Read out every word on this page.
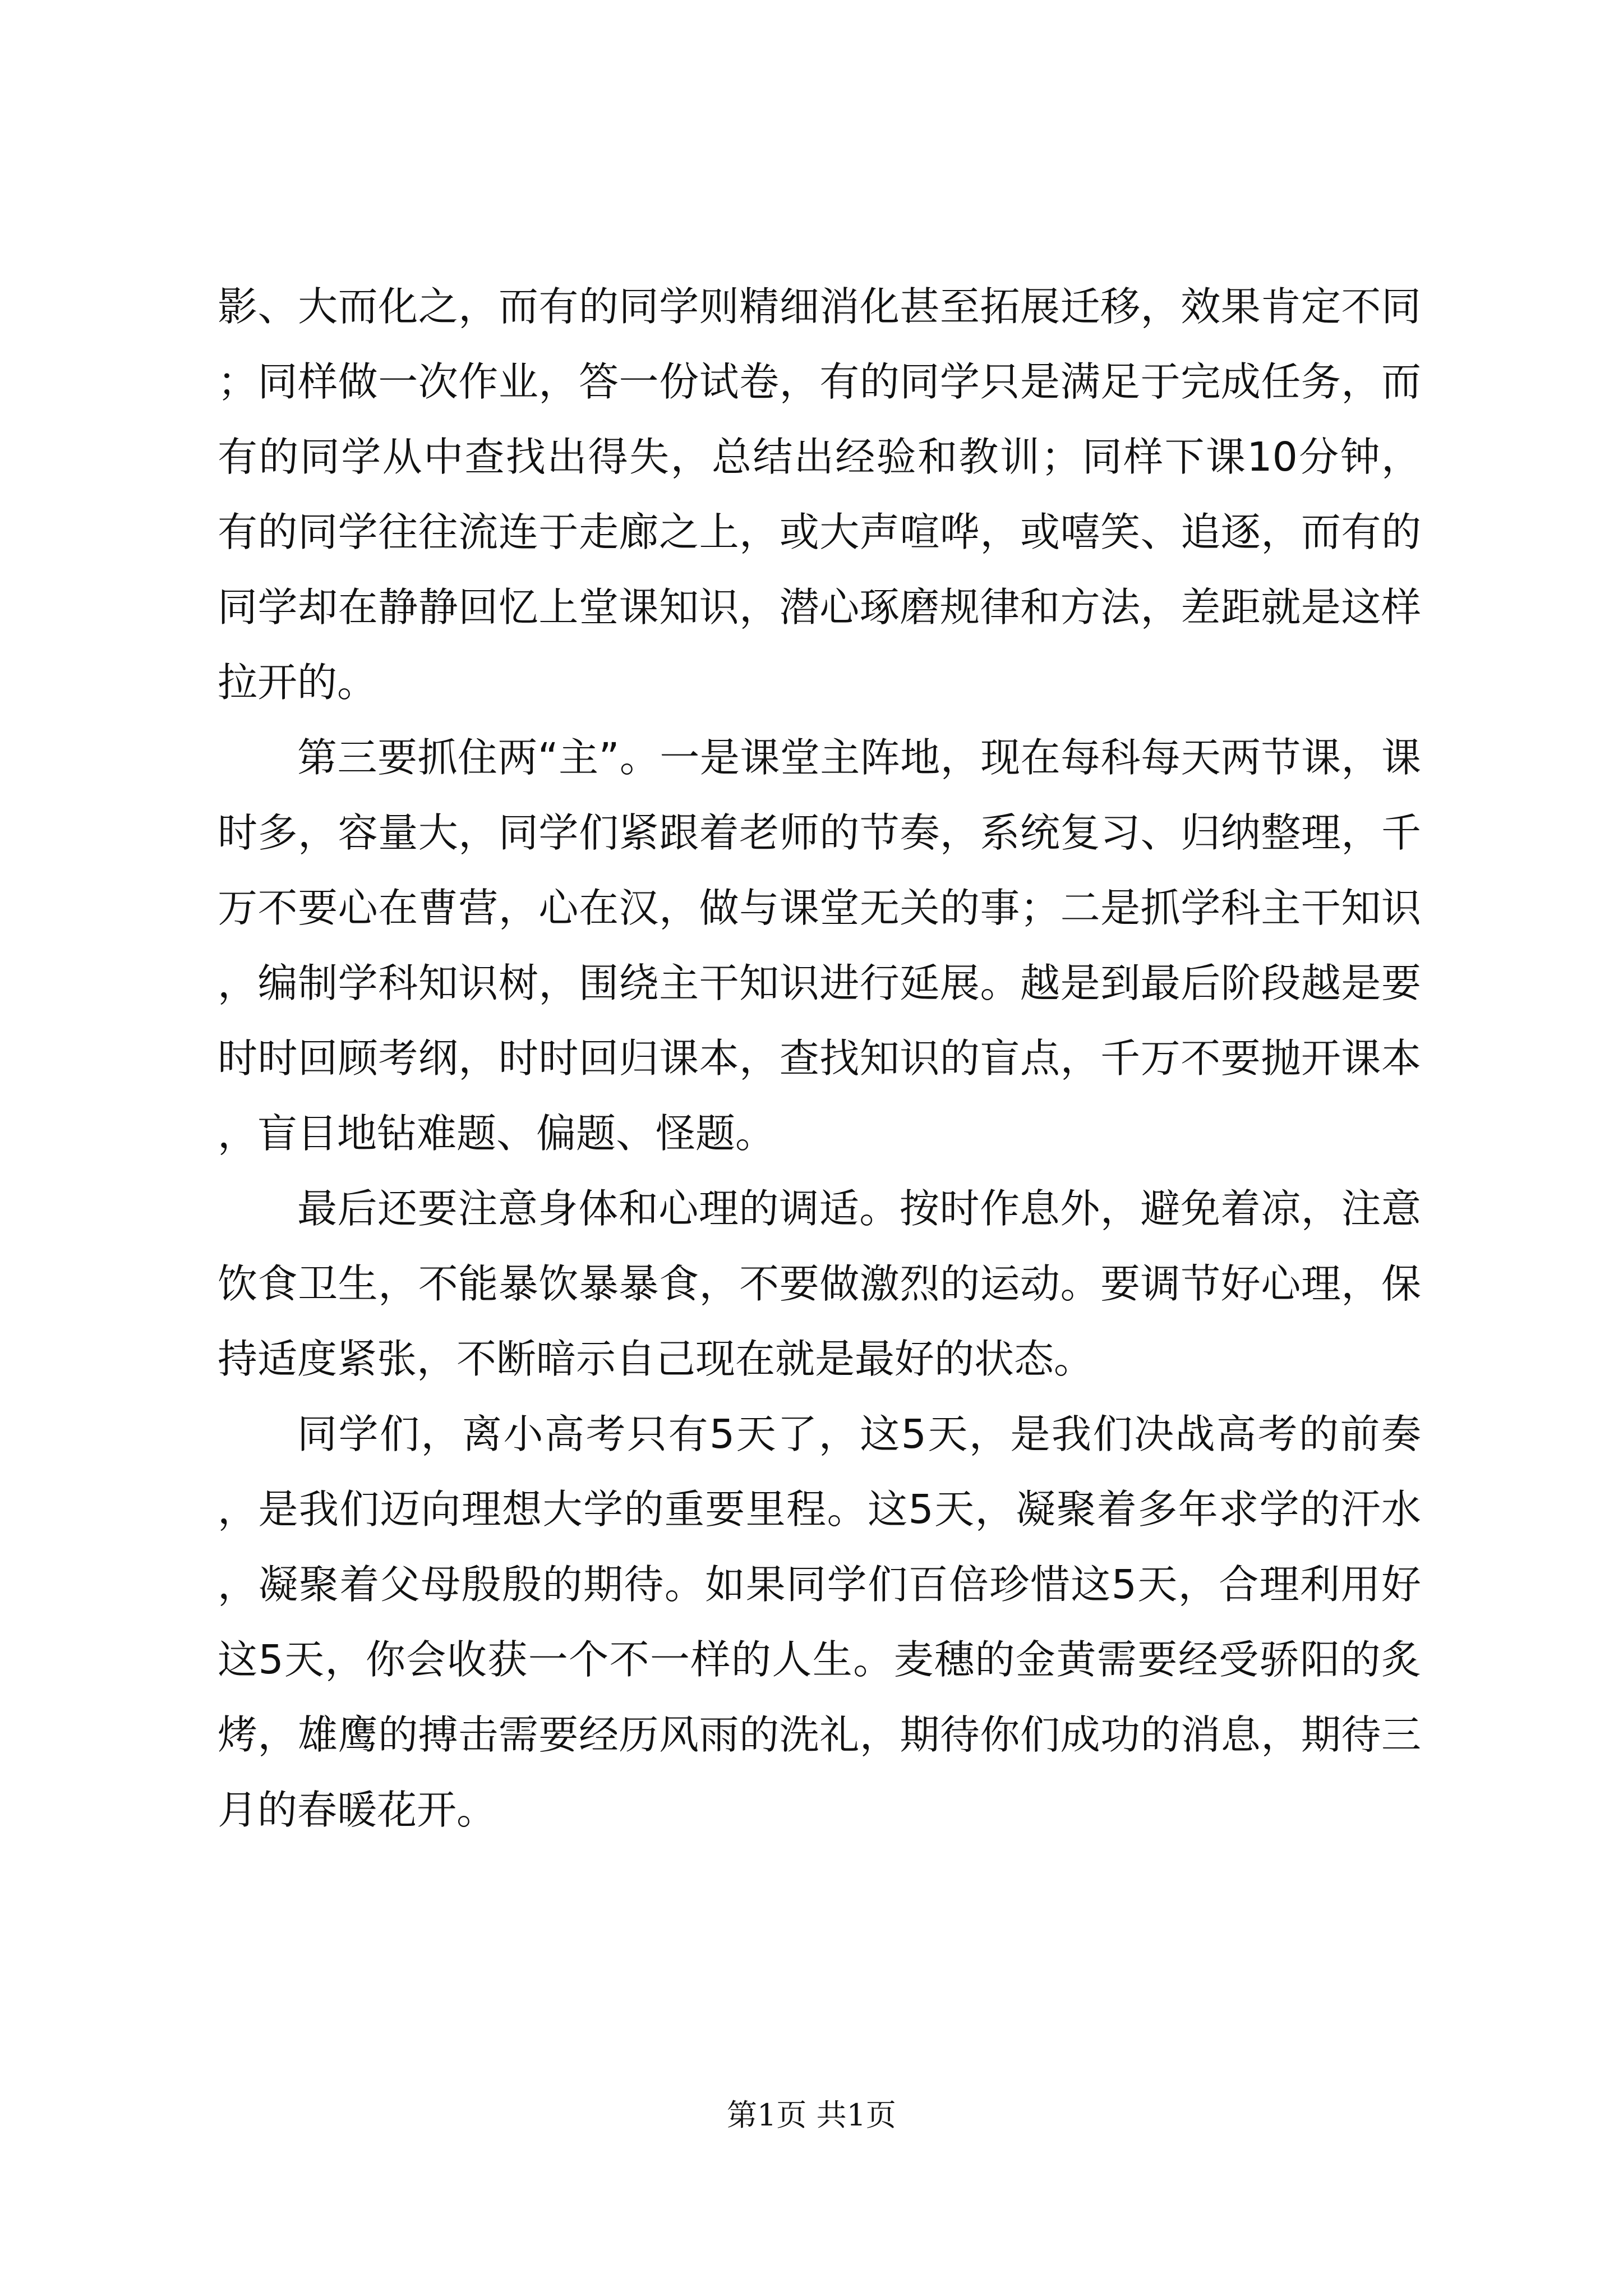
影、大而化之，而有的同学则精细消化甚至拓展迁移，效果肯定不同；同样做一次作业，答一份试卷，有的同学只是满足于完成任务，而有的同学从中查找出得失，总结出经验和教训；同样下课10分钟，有的同学往往流连于走廊之上，或大声喧哗，或嘻笑、追逐，而有的同学却在静静回忆上堂课知识，潜心琢磨规律和方法，差距就是这样拉开的。

第三要抓住两“主”。一是课堂主阵地，现在每科每天两节课，课时多，容量大，同学们紧跟着老师的节奏，系统复习、归纳整理，千万不要心在曹营，心在汉，做与课堂无关的事；二是抓学科主干知识，编制学科知识树，围绕主干知识进行延展。越是到最后阶段越是要时时回顾考纲，时时回归课本，查找知识的盲点，千万不要抛开课本，盲目地钻难题、偏题、怪题。

最后还要注意身体和心理的调适。按时作息外，避免着凉，注意饮食卫生，不能暴饮暴暴食，不要做激烈的运动。要调节好心理，保持适度紧张，不断暗示自己现在就是最好的状态。

同学们，离小高考只有5天了，这5天，是我们决战高考的前奏，是我们迈向理想大学的重要里程。这5天，凝聚着多年求学的汗水，凝聚着父母殷殷的期待。如果同学们百倍珍惜这5天，合理利用好这5天，你会收获一个不一样的人生。麦穗的金黄需要经受骄阳的炙烤，雄鹰的搏击需要经历风雨的洗礼，期待你们成功的消息，期待三月的春暖花开。

第1页 共1页
